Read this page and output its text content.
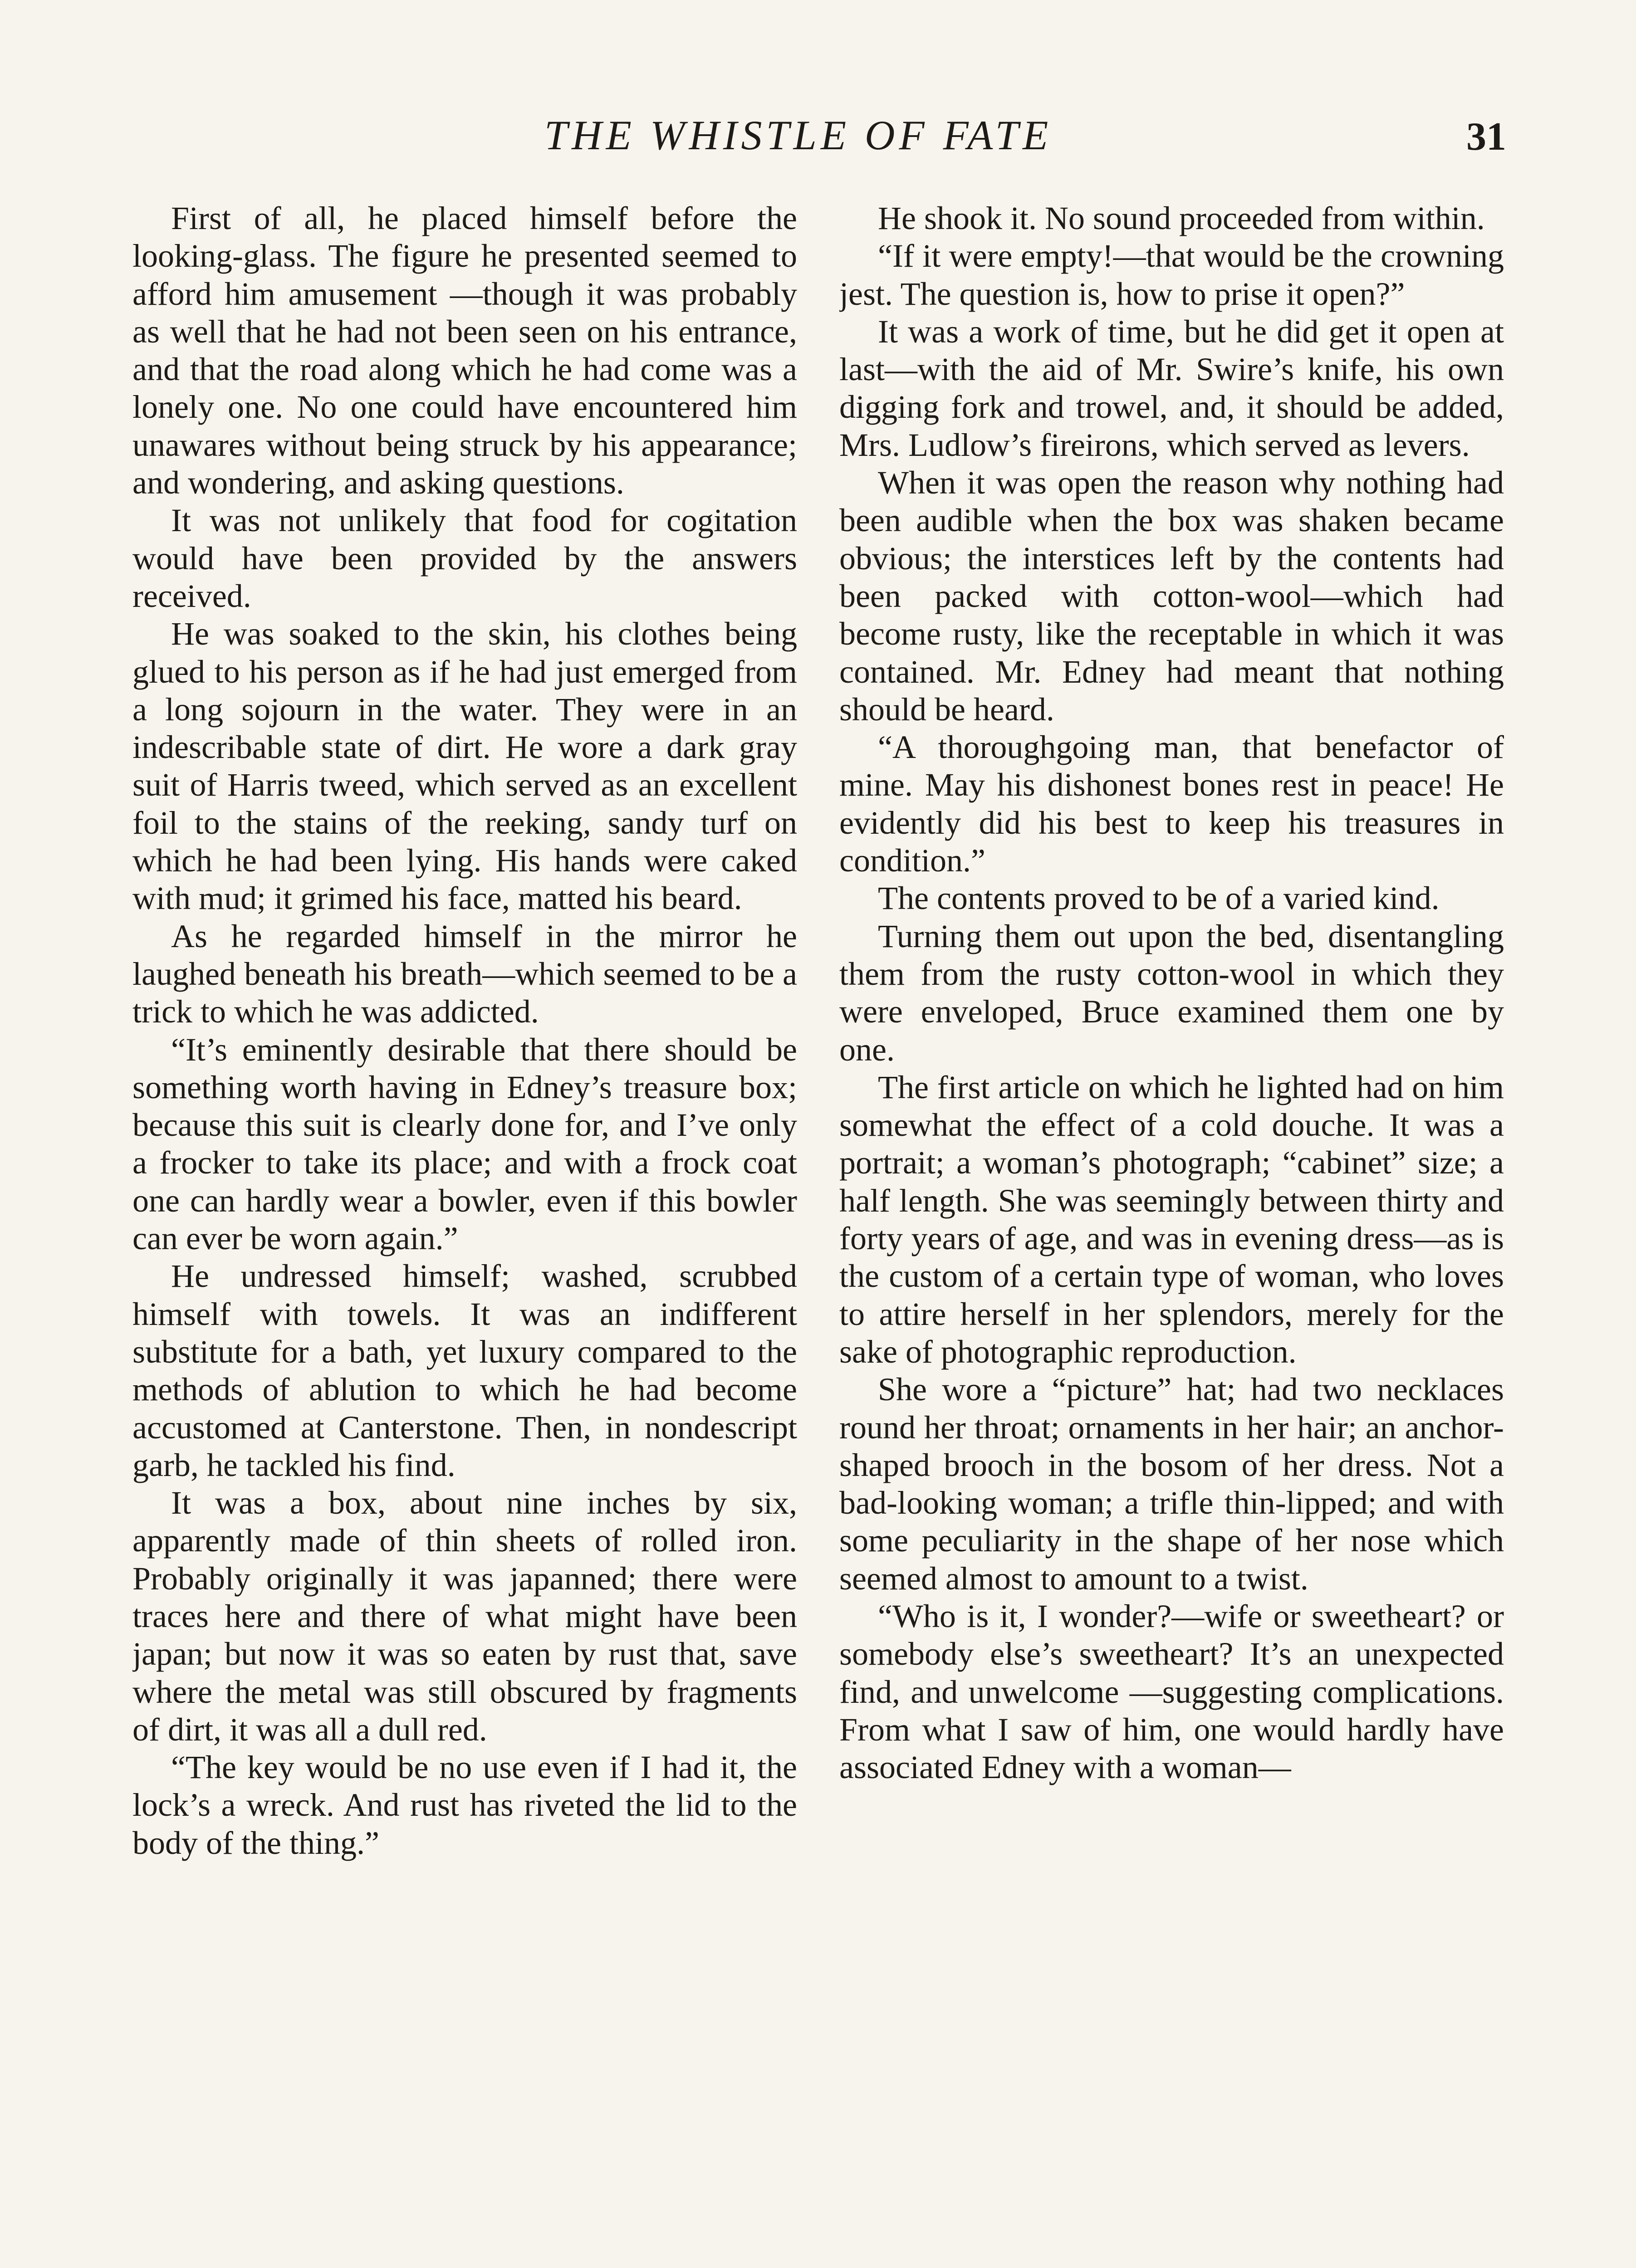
THE WHISTLE OF FATE	31

First of all, he placed himself before the looking-glass. The figure he presented seemed to afford him amusement —though it was probably as well that he had not been seen on his entrance, and that the road along which he had come was a lonely one. No one could have encountered him unawares without being struck by his appearance; and wondering, and asking questions.

It was not unlikely that food for cogitation would have been provided by the answers received.

He was soaked to the skin, his clothes being glued to his person as if he had just emerged from a long sojourn in the water. They were in an indescribable state of dirt. He wore a dark gray suit of Harris tweed, which served as an excellent foil to the stains of the reeking, sandy turf on which he had been lying. His hands were caked with mud; it grimed his face, matted his beard.

As he regarded himself in the mirror he laughed beneath his breath—which seemed to be a trick to which he was addicted.

“It’s eminently desirable that there should be something worth having in Edney’s treasure box; because this suit is clearly done for, and I’ve only a frocker to take its place; and with a frock coat one can hardly wear a bowler, even if this bowler can ever be worn again.”

He undressed himself; washed, scrubbed himself with towels. It was an indifferent substitute for a bath, yet luxury compared to the methods of ablution to which he had become accustomed at Canterstone. Then, in nondescript garb, he tackled his find.

It was a box, about nine inches by six, apparently made of thin sheets of rolled iron. Probably originally it was japanned; there were traces here and there of what might have been japan; but now it was so eaten by rust that, save where the metal was still obscured by fragments of dirt, it was all a dull red.

“The key would be no use even if I had it, the lock’s a wreck. And rust has riveted the lid to the body of the thing.”

He shook it. No sound proceeded from within.

“If it were empty!—that would be the crowning jest. The question is, how to prise it open?”

It was a work of time, but he did get it open at last—with the aid of Mr. Swire’s knife, his own digging fork and trowel, and, it should be added, Mrs. Ludlow’s fireirons, which served as levers.

When it was open the reason why nothing had been audible when the box was shaken became obvious; the interstices left by the contents had been packed with cotton-wool—which had become rusty, like the receptable in which it was contained. Mr. Edney had meant that nothing should be heard.

“A thoroughgoing man, that benefactor of mine. May his dishonest bones rest in peace! He evidently did his best to keep his treasures in condition.”

The contents proved to be of a varied kind.

Turning them out upon the bed, disentangling them from the rusty cotton-wool in which they were enveloped, Bruce examined them one by one.

The first article on which he lighted had on him somewhat the effect of a cold douche. It was a portrait; a woman’s photograph; “cabinet” size; a half length. She was seemingly between thirty and forty years of age, and was in evening dress—as is the custom of a certain type of woman, who loves to attire herself in her splendors, merely for the sake of photographic reproduction.

She wore a “picture” hat; had two necklaces round her throat; ornaments in her hair; an anchor-shaped brooch in the bosom of her dress. Not a bad-looking woman; a trifle thin-lipped; and with some peculiarity in the shape of her nose which seemed almost to amount to a twist.

“Who is it, I wonder?—wife or sweetheart? or somebody else’s sweetheart? It’s an unexpected find, and unwelcome —suggesting complications. From what I saw of him, one would hardly have associated Edney with a woman—
